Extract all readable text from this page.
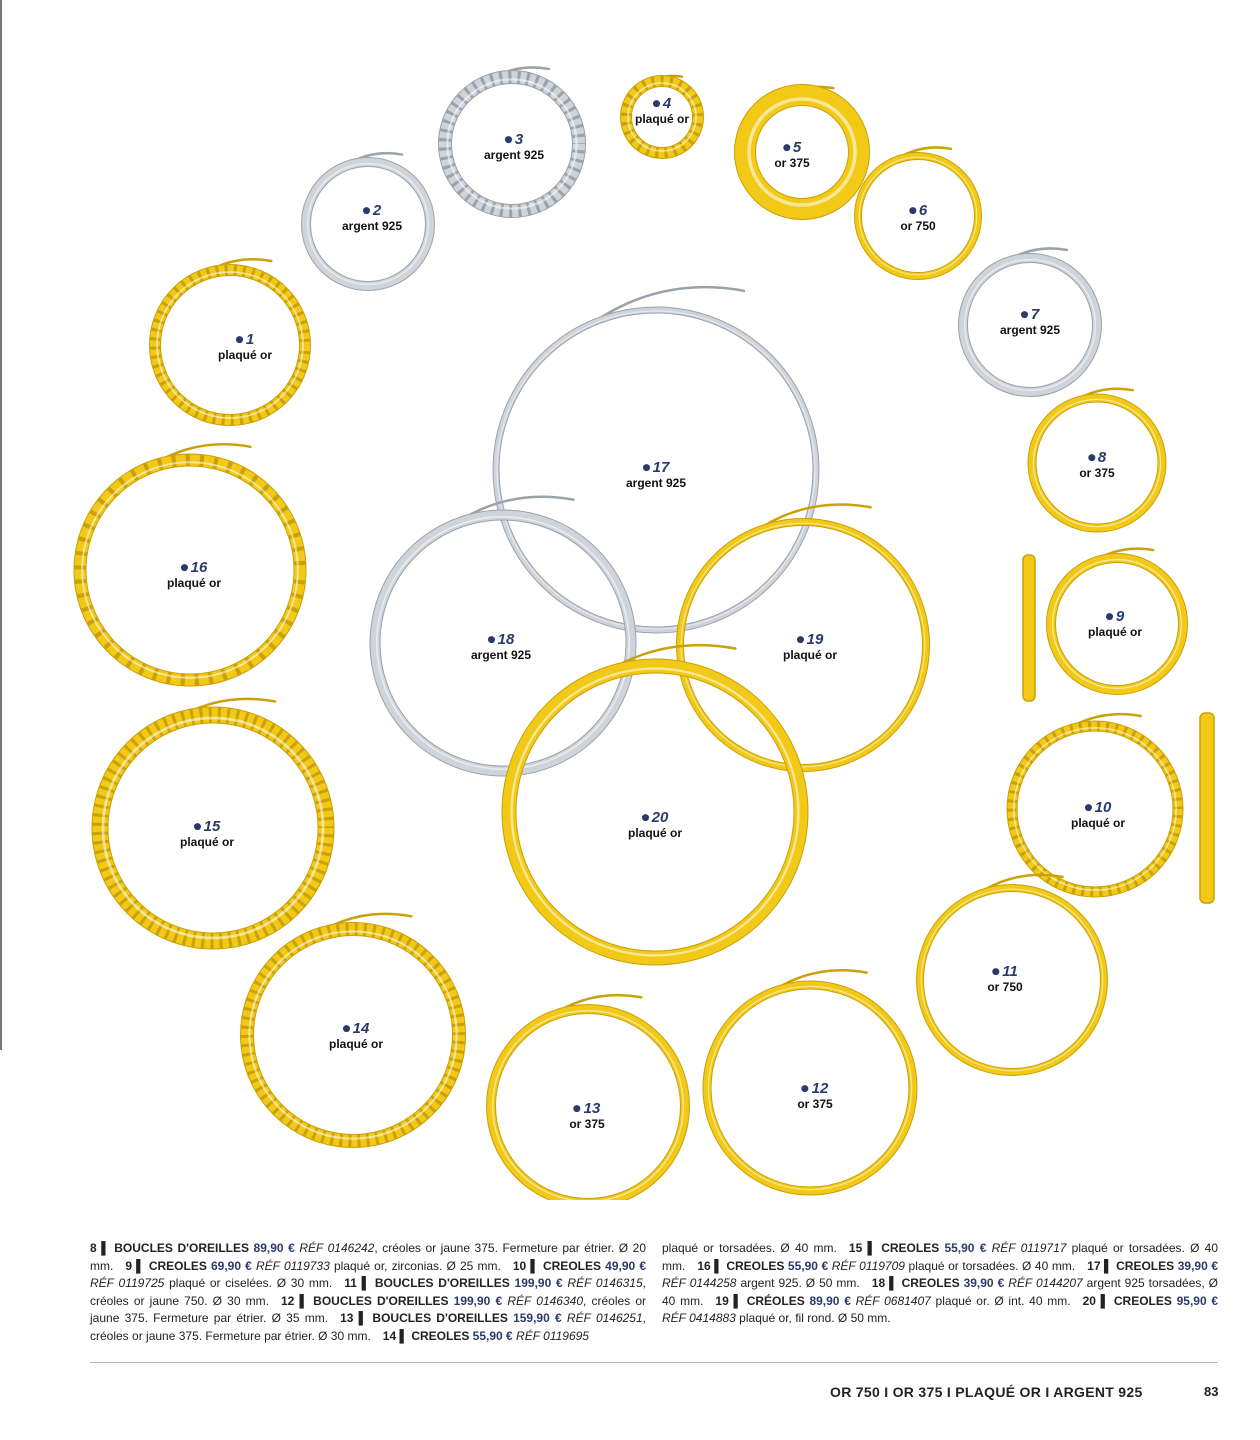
1
plaqué or
2
argent 925
3
argent 925
4
plaqué or
5
or 375
6
or 750
7
argent 925
8
or 375
9
plaqué or
10
plaqué or
11
or 750
12
or 375
13
or 375
14
plaqué or
15
plaqué or
16
plaqué or
17
argent 925
18
argent 925
19
plaqué or
20
plaqué or
8 ▌ BOUCLES D'OREILLES 89,90 € RÉF 0146242, créoles or jaune 375. Fermeture par étrier. Ø 20 mm.  9 ▌ CREOLES 69,90 € RÉF 0119733 plaqué or, zirconias. Ø 25 mm.  10 ▌ CREOLES 49,90 € RÉF 0119725 plaqué or ciselées. Ø 30 mm.  11 ▌ BOUCLES D'OREILLES 199,90 € RÉF 0146315, créoles or jaune 750. Ø 30 mm.  12 ▌ BOUCLES D'OREILLES 199,90 € RÉF 0146340, créoles or jaune 375. Fermeture par étrier. Ø 35 mm.  13 ▌ BOUCLES D'OREILLES 159,90 € RÉF 0146251, créoles or jaune 375. Fermeture par étrier. Ø 30 mm.  14 ▌ CREOLES 55,90 € RÉF 0119695 
plaqué or torsadées. Ø 40 mm. 15 ▌ CREOLES 55,90 € RÉF 0119717 plaqué or torsadées. Ø 40 mm.  16 ▌ CREOLES 55,90 € RÉF 0119709 plaqué or torsadées. Ø 40 mm.  17 ▌ CREOLES 39,90 € RÉF 0144258 argent 925. Ø 50 mm.  18 ▌ CREOLES 39,90 € RÉF 0144207 argent 925 torsadées, Ø 40 mm.  19 ▌ CRÉOLES 89,90 € RÉF 0681407 plaqué or. Ø int. 40 mm.  20 ▌ CREOLES 95,90 € RÉF 0414883 plaqué or, fil rond. Ø 50 mm. 
OR 750 I OR 375 I PLAQUÉ OR I ARGENT 925	83
